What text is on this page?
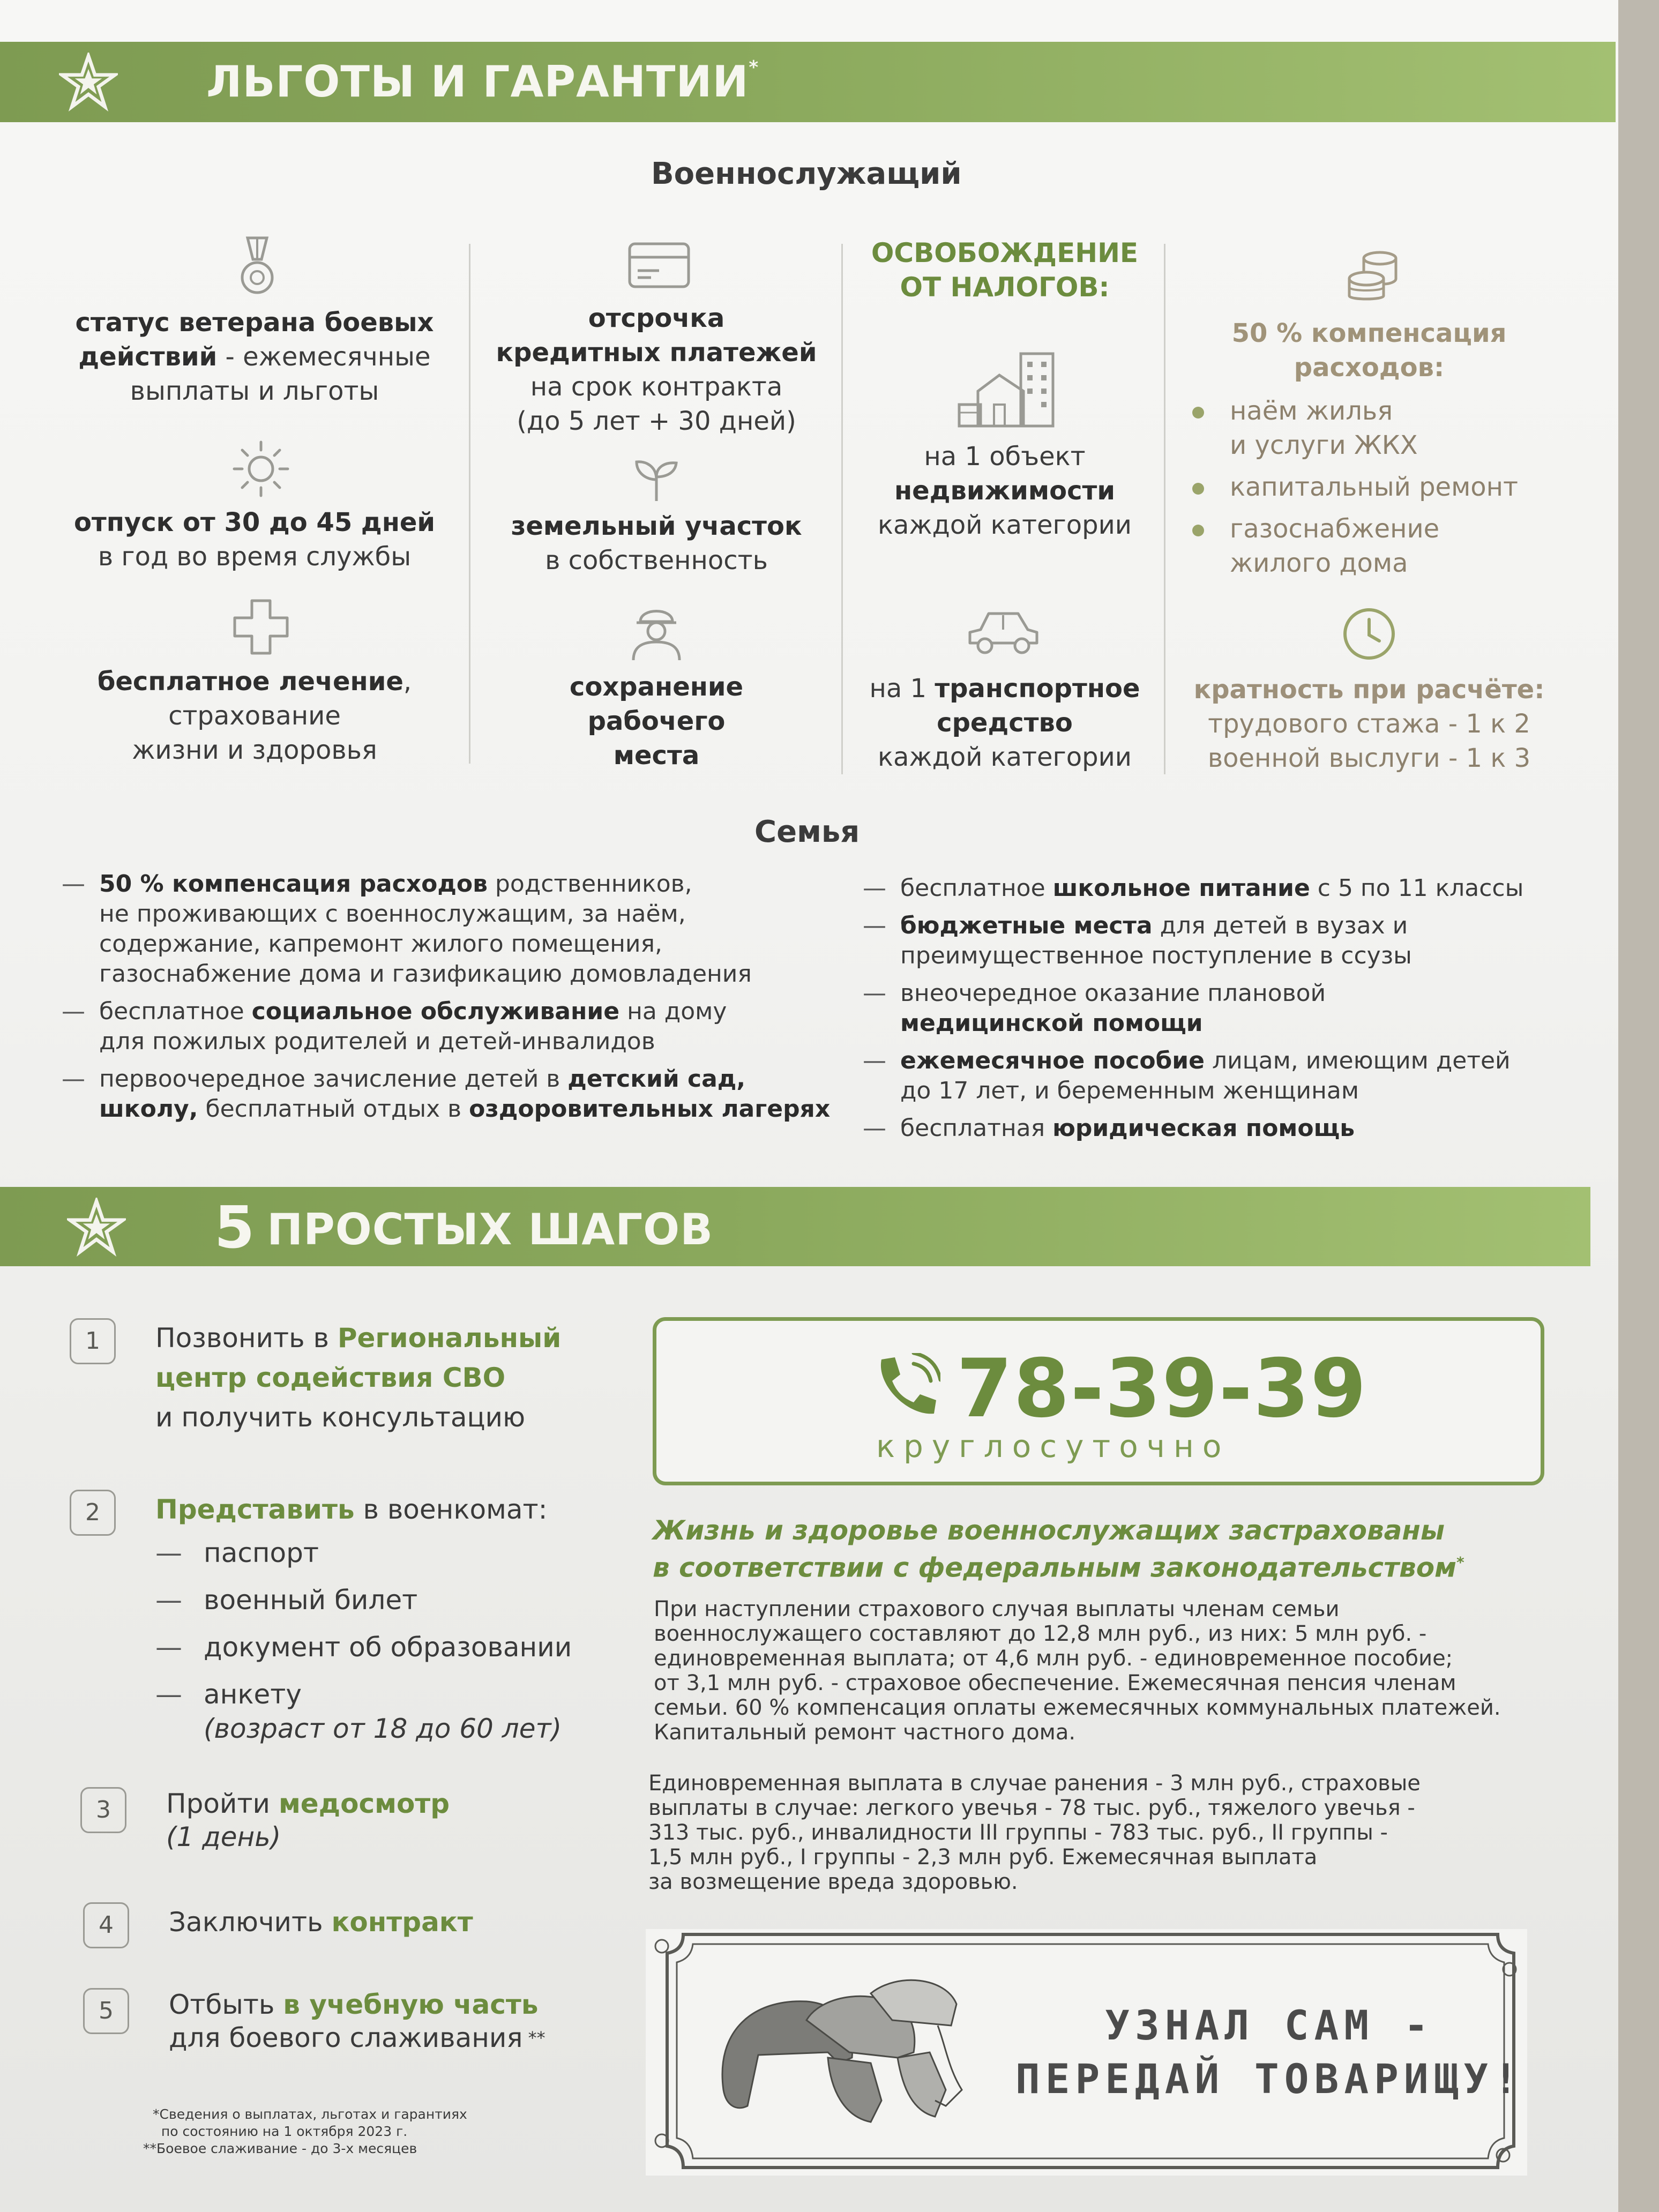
ЛЬГОТЫ И ГАРАНТИИ*
Военнослужащий
статус ветерана боевых
действий - ежемесячные
выплаты и льготы
отпуск от 30 до 45 дней
в год во время службы
бесплатное лечение,
страхование
жизни и здоровья
отсрочка
кредитных платежей
на срок контракта
(до 5 лет + 30 дней)
земельный участок
в собственность
сохранение
рабочего
места
ОСВОБОЖДЕНИЕ
ОТ НАЛОГОВ:
на 1 объект
недвижимости
каждой категории
на 1 транспортное
средство
каждой категории
50 % компенсация
расходов:
наём жилья
и услуги ЖКХ
капитальный ремонт
газоснабжение
жилого дома
кратность при расчёте:
трудового стажа - 1 к 2
военной выслуги - 1 к 3
Семья
— 50 % компенсация расходов родственников,
не проживающих с военнослужащим, за наём,
содержание, капремонт жилого помещения,
газоснабжение дома и газификацию домовладения
— бесплатное социальное обслуживание на дому
для пожилых родителей и детей-инвалидов
— первоочередное зачисление детей в детский сад,
школу, бесплатный отдых в оздоровительных лагерях
— бесплатное школьное питание с 5 по 11 классы
— бюджетные места для детей в вузах и
преимущественное поступление в ссузы
— внеочередное оказание плановой
медицинской помощи
— ежемесячное пособие лицам, имеющим детей
до 17 лет, и беременным женщинам
— бесплатная юридическая помощь
5 ПРОСТЫХ ШАГОВ
1	Позвонить в Региональный
центр содействия СВО
и получить консультацию
2	Представить в военкомат:
— паспорт
— военный билет
— документ об образовании
— анкету
(возраст от 18 до 60 лет)
3	Пройти медосмотр
(1 день)
4	Заключить контракт
5	Отбыть в учебную часть
для боевого слаживания **
78-39-39
круглосуточно
Жизнь и здоровье военнослужащих застрахованы
в соответствии с федеральным законодательством*
При наступлении страхового случая выплаты членам семьи
военнослужащего составляют до 12,8 млн руб., из них: 5 млн руб. -
единовременная выплата; от 4,6 млн руб. - единовременное пособие;
от 3,1 млн руб. - страховое обеспечение. Ежемесячная пенсия членам
семьи. 60 % компенсация оплаты ежемесячных коммунальных платежей.
Капитальный ремонт частного дома.
Единовременная выплата в случае ранения - 3 млн руб., страховые
выплаты в случае: легкого увечья - 78 тыс. руб., тяжелого увечья -
313 тыс. руб., инвалидности III группы - 783 тыс. руб., II группы -
1,5 млн руб., I группы - 2,3 млн руб. Ежемесячная выплата
за возмещение вреда здоровью.
УЗНАЛ САМ -
ПЕРЕДАЙ ТОВАРИЩУ!
*Сведения о выплатах, льготах и гарантиях
по состоянию на 1 октября 2023 г.
**Боевое слаживание - до 3-х месяцев
